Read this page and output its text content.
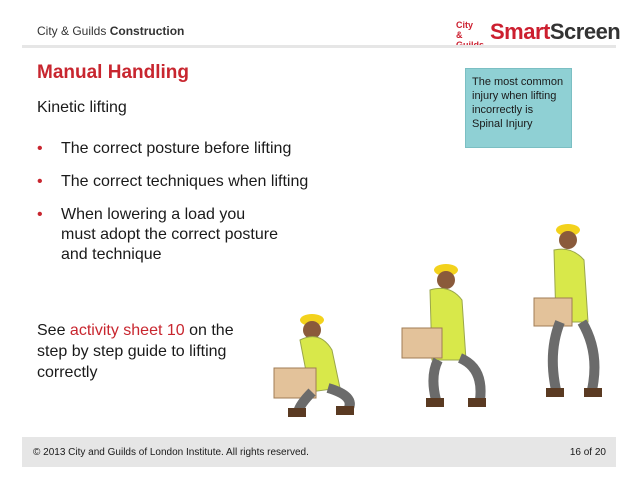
City & Guilds Construction	City &	SmartScreen
Manual Handling
Kinetic lifting
• The correct posture before lifting
• The correct techniques when lifting
• When lowering a load you must adopt the correct posture and technique
See activity sheet 10 on the step by step guide to lifting correctly
The most common injury when lifting incorrectly is Spinal Injury
© 2013 City and Guilds of London Institute. All rights reserved.	16 of 20
